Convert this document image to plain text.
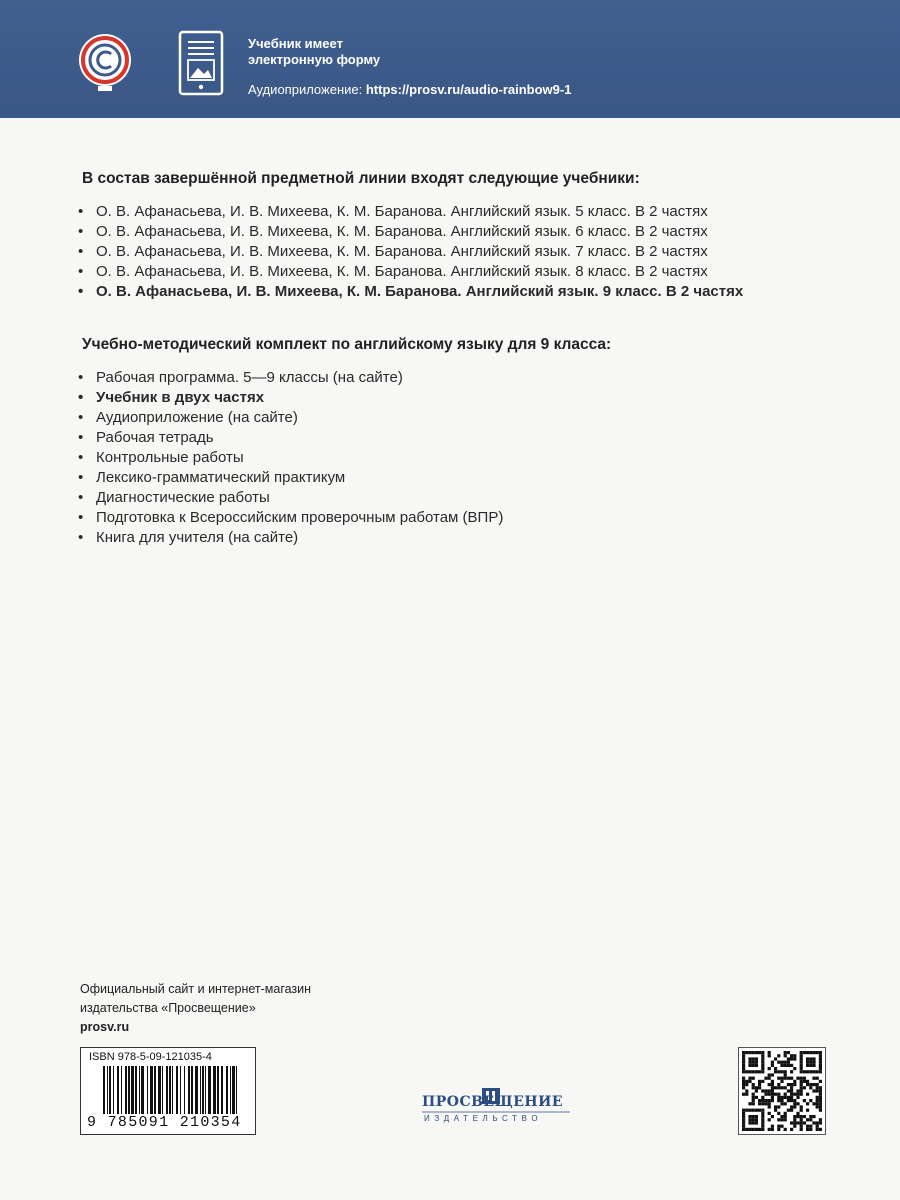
Учебник имеет
электронную форму
Аудиоприложение: https://prosv.ru/audio-rainbow9-1
В состав завершённой предметной линии входят следующие учебники:
• О. В. Афанасьева, И. В. Михеева, К. М. Баранова. Английский язык. 5 класс. В 2 частях
• О. В. Афанасьева, И. В. Михеева, К. М. Баранова. Английский язык. 6 класс. В 2 частях
• О. В. Афанасьева, И. В. Михеева, К. М. Баранова. Английский язык. 7 класс. В 2 частях
• О. В. Афанасьева, И. В. Михеева, К. М. Баранова. Английский язык. 8 класс. В 2 частях
• О. В. Афанасьева, И. В. Михеева, К. М. Баранова. Английский язык. 9 класс. В 2 частях
Учебно-методический комплект по английскому языку для 9 класса:
• Рабочая программа. 5—9 классы (на сайте)
• Учебник в двух частях
• Аудиоприложение (на сайте)
• Рабочая тетрадь
• Контрольные работы
• Лексико-грамматический практикум
• Диагностические работы
• Подготовка к Всероссийским проверочным работам (ВПР)
• Книга для учителя (на сайте)
Официальный сайт и интернет-магазин
издательства «Просвещение»
prosv.ru
ISBN 978-5-09-121035-4
9 785091 210354
ПРОСВЕЩЕНИЕ
ИЗДАТЕЛЬСТВО
